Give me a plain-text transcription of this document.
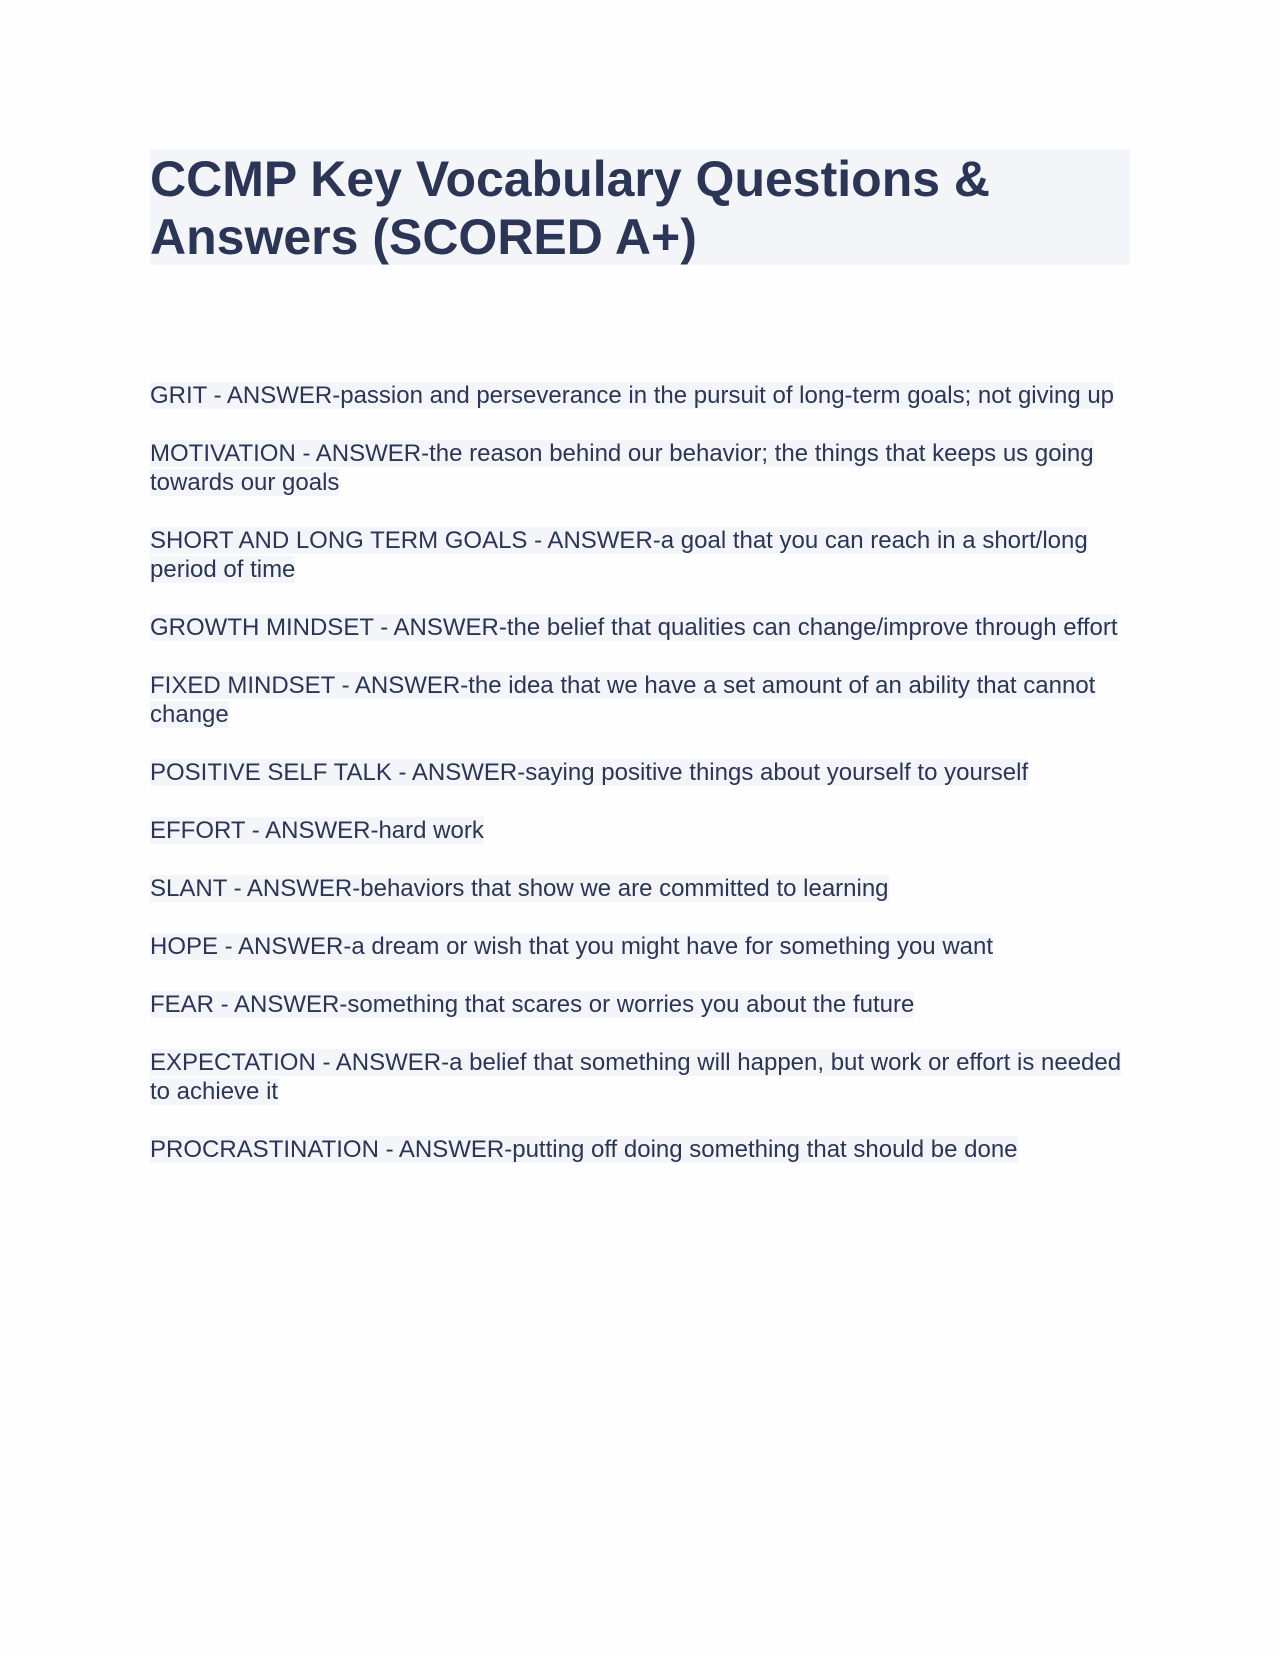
CCMP Key Vocabulary Questions & Answers (SCORED A+)

GRIT - ANSWER-passion and perseverance in the pursuit of long-term goals; not giving up

MOTIVATION - ANSWER-the reason behind our behavior; the things that keeps us going towards our goals

SHORT AND LONG TERM GOALS - ANSWER-a goal that you can reach in a short/long period of time

GROWTH MINDSET - ANSWER-the belief that qualities can change/improve through effort

FIXED MINDSET - ANSWER-the idea that we have a set amount of an ability that cannot change

POSITIVE SELF TALK - ANSWER-saying positive things about yourself to yourself

EFFORT - ANSWER-hard work

SLANT - ANSWER-behaviors that show we are committed to learning

HOPE - ANSWER-a dream or wish that you might have for something you want

FEAR - ANSWER-something that scares or worries you about the future

EXPECTATION - ANSWER-a belief that something will happen, but work or effort is needed to achieve it

PROCRASTINATION - ANSWER-putting off doing something that should be done
